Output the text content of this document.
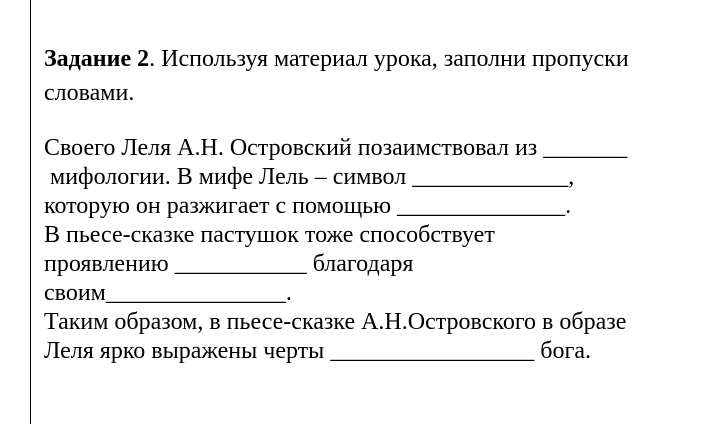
Задание 2. Используя материал урока, заполни пропуски
словами.

Своего Леля А.Н. Островский позаимствовал из _______
мифологии. В мифе Лель – символ _____________,
которую он разжигает с помощью ______________.
В пьесе-сказке пастушок тоже способствует
проявлению ___________ благодаря
своим_______________.
Таким образом, в пьесе-сказке А.Н.Островского в образе
Леля ярко выражены черты _________________ бога.
